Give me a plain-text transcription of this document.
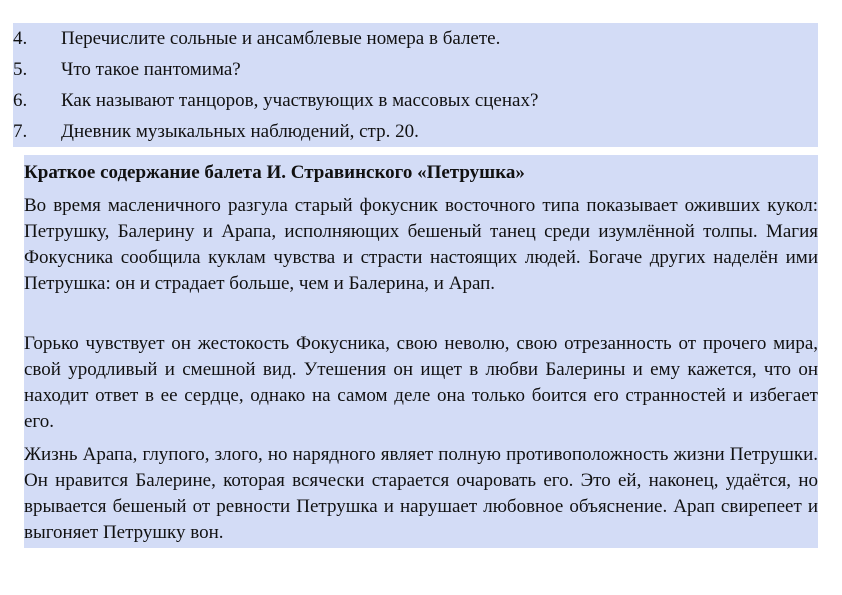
4. Перечислите сольные и ансамблевые номера в балете.
5. Что такое пантомима?
6. Как называют танцоров, участвующих в массовых сценах?
7. Дневник музыкальных наблюдений, стр. 20.
Краткое содержание балета И. Стравинского «Петрушка»

Во время масленичного разгула старый фокусник восточного типа показывает оживших кукол: Петрушку, Балерину и Арапа, исполняющих бешеный танец среди изумлённой толпы. Магия Фокусника сообщила куклам чувства и страсти настоящих людей. Богаче других наделён ими Петрушка: он и страдает больше, чем и Балерина, и Арап.

Горько чувствует он жестокость Фокусника, свою неволю, свою отрезанность от прочего мира, свой уродливый и смешной вид. Утешения он ищет в любви Балерины и ему кажется, что он находит ответ в ее сердце, однако на самом деле она только боится его странностей и избегает его.

Жизнь Арапа, глупого, злого, но нарядного являет полную противоположность жизни Петрушки. Он нравится Балерине, которая всячески старается очаровать его. Это ей, наконец, удаётся, но врывается бешеный от ревности Петрушка и нарушает любовное объяснение. Арап свирепеет и выгоняет Петрушку вон.
